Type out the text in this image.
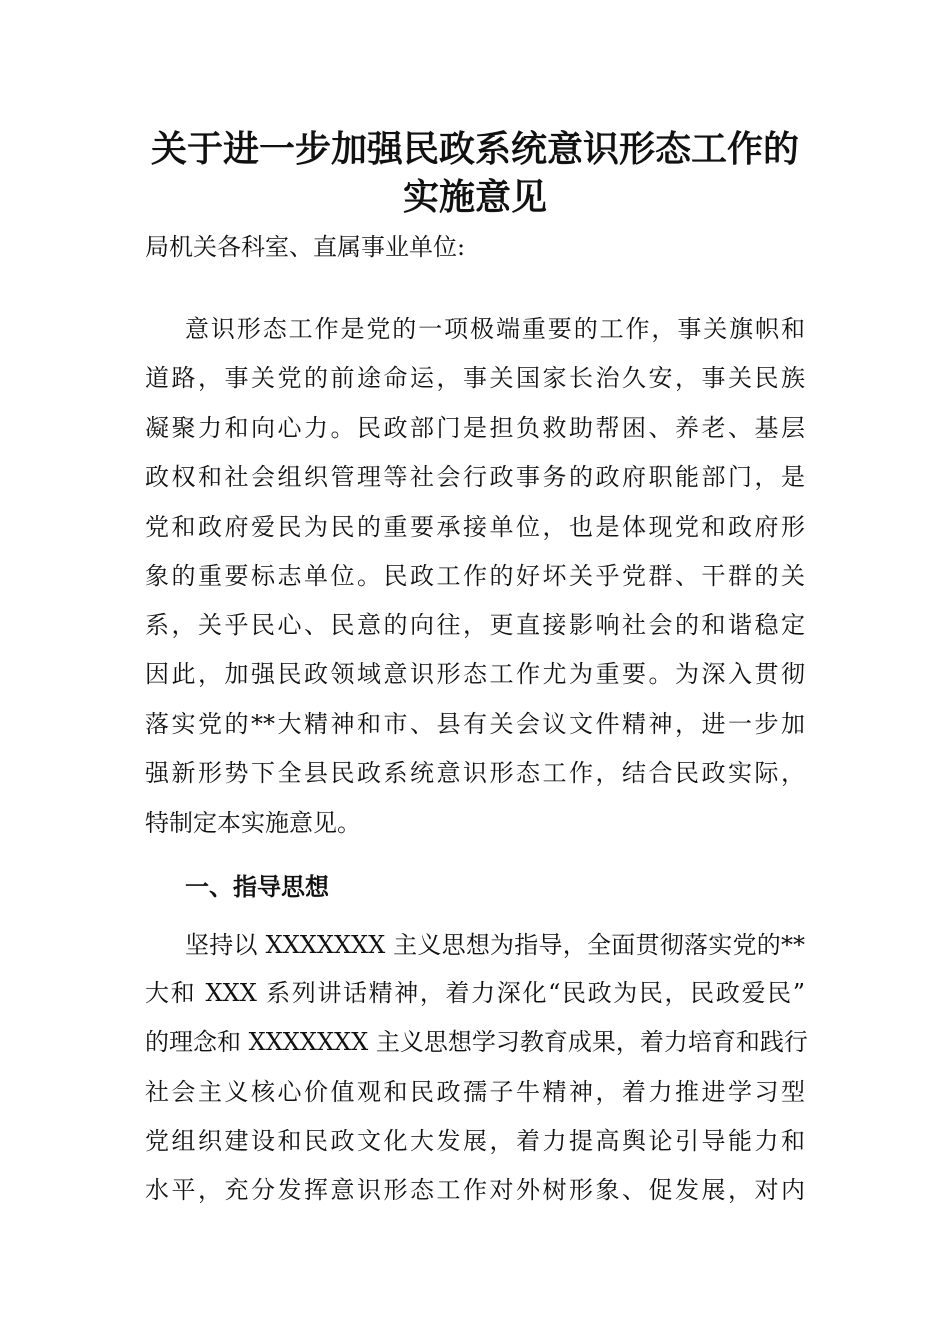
关于进一步加强民政系统意识形态工作的
实施意见
局机关各科室、直属事业单位:
意识形态工作是党的一项极端重要的工作，事关旗帜和
道路，事关党的前途命运，事关国家长治久安，事关民族
凝聚力和向心力。民政部门是担负救助帮困、养老、基层
政权和社会组织管理等社会行政事务的政府职能部门，是
党和政府爱民为民的重要承接单位，也是体现党和政府形
象的重要标志单位。民政工作的好坏关乎党群、干群的关
系，关乎民心、民意的向往，更直接影响社会的和谐稳定
因此，加强民政领域意识形态工作尤为重要。为深入贯彻
落实党的**大精神和市、县有关会议文件精神，进一步加
强新形势下全县民政系统意识形态工作，结合民政实际，
特制定本实施意见。
一、指导思想
坚持以 XXXXXXX 主义思想为指导，全面贯彻落实党的**
大和 XXX 系列讲话精神，着力深化“民政为民，民政爱民”
的理念和 XXXXXXX 主义思想学习教育成果，着力培育和践行
社会主义核心价值观和民政孺子牛精神，着力推进学习型
党组织建设和民政文化大发展，着力提高舆论引导能力和
水平，充分发挥意识形态工作对外树形象、促发展，对内
